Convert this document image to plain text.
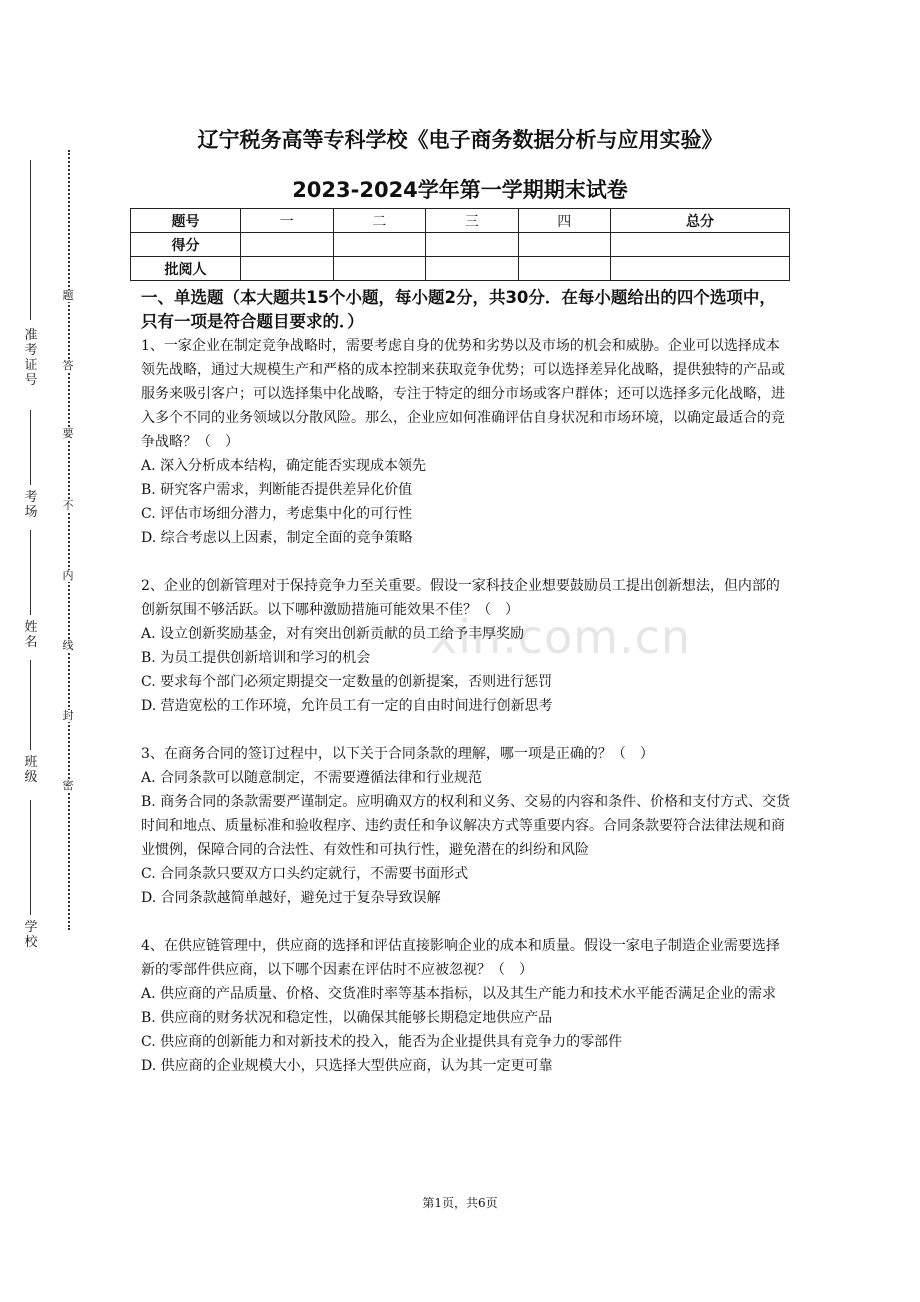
xin.com.cn
准考证号
考场
姓名
班级
学校
题
答
要
不
内
线
封
密
辽宁税务高等专科学校《电子商务数据分析与应用实验》
2023-2024学年第一学期期末试卷
题号	一	二	三	四	总分
得分					
批阅人					

一、单选题（本大题共15个小题，每小题2分，共30分．在每小题给出的四个选项中，只有一项是符合题目要求的．）

1、一家企业在制定竞争战略时，需要考虑自身的优势和劣势以及市场的机会和威胁。企业可以选择成本领先战略，通过大规模生产和严格的成本控制来获取竞争优势；可以选择差异化战略，提供独特的产品或服务来吸引客户；可以选择集中化战略，专注于特定的细分市场或客户群体；还可以选择多元化战略，进入多个不同的业务领域以分散风险。那么，企业应如何准确评估自身状况和市场环境，以确定最适合的竞争战略？（　）

A. 深入分析成本结构，确定能否实现成本领先

B. 研究客户需求，判断能否提供差异化价值

C. 评估市场细分潜力，考虑集中化的可行性

D. 综合考虑以上因素，制定全面的竞争策略

2、企业的创新管理对于保持竞争力至关重要。假设一家科技企业想要鼓励员工提出创新想法，但内部的创新氛围不够活跃。以下哪种激励措施可能效果不佳？（　）

A. 设立创新奖励基金，对有突出创新贡献的员工给予丰厚奖励

B. 为员工提供创新培训和学习的机会

C. 要求每个部门必须定期提交一定数量的创新提案，否则进行惩罚

D. 营造宽松的工作环境，允许员工有一定的自由时间进行创新思考

3、在商务合同的签订过程中，以下关于合同条款的理解，哪一项是正确的？（　）

A. 合同条款可以随意制定，不需要遵循法律和行业规范

B. 商务合同的条款需要严谨制定。应明确双方的权利和义务、交易的内容和条件、价格和支付方式、交货时间和地点、质量标准和验收程序、违约责任和争议解决方式等重要内容。合同条款要符合法律法规和商业惯例，保障合同的合法性、有效性和可执行性，避免潜在的纠纷和风险

C. 合同条款只要双方口头约定就行，不需要书面形式

D. 合同条款越简单越好，避免过于复杂导致误解

4、在供应链管理中，供应商的选择和评估直接影响企业的成本和质量。假设一家电子制造企业需要选择新的零部件供应商，以下哪个因素在评估时不应被忽视？（　）

A. 供应商的产品质量、价格、交货准时率等基本指标，以及其生产能力和技术水平能否满足企业的需求

B. 供应商的财务状况和稳定性，以确保其能够长期稳定地供应产品

C. 供应商的创新能力和对新技术的投入，能否为企业提供具有竞争力的零部件

D. 供应商的企业规模大小，只选择大型供应商，认为其一定更可靠

第1页，共6页
